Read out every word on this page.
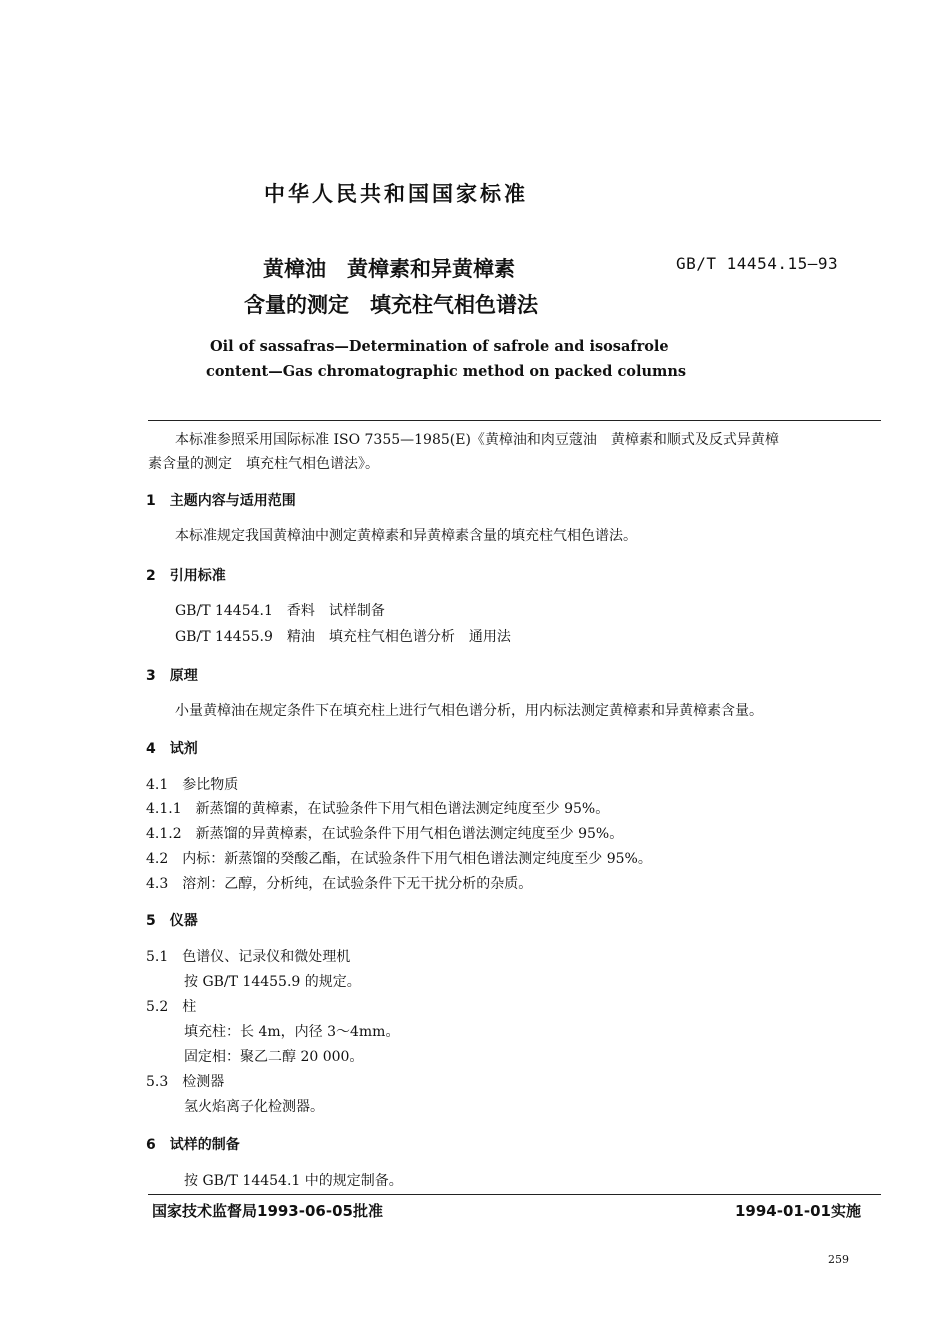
中华人民共和国国家标准
黄樟油　黄樟素和异黄樟素
含量的测定　填充柱气相色谱法
GB/T 14454.15—93
Oil of sassafras—Determination of safrole and isosafrole
content—Gas chromatographic method on packed columns
本标准参照采用国际标准 ISO 7355—1985(E)《黄樟油和肉豆蔻油　黄樟素和顺式及反式异黄樟
素含量的测定　填充柱气相色谱法》。
1　主题内容与适用范围
本标准规定我国黄樟油中测定黄樟素和异黄樟素含量的填充柱气相色谱法。
2　引用标准
GB/T 14454.1　香料　试样制备
GB/T 14455.9　精油　填充柱气相色谱分析　通用法
3　原理
小量黄樟油在规定条件下在填充柱上进行气相色谱分析，用内标法测定黄樟素和异黄樟素含量。
4　试剂
4.1　参比物质
4.1.1　新蒸馏的黄樟素，在试验条件下用气相色谱法测定纯度至少 95%。
4.1.2　新蒸馏的异黄樟素，在试验条件下用气相色谱法测定纯度至少 95%。
4.2　内标：新蒸馏的癸酸乙酯，在试验条件下用气相色谱法测定纯度至少 95%。
4.3　溶剂：乙醇，分析纯，在试验条件下无干扰分析的杂质。
5　仪器
5.1　色谱仪、记录仪和微处理机
按 GB/T 14455.9 的规定。
5.2　柱
填充柱：长 4m，内径 3～4mm。
固定相：聚乙二醇 20 000。
5.3　检测器
氢火焰离子化检测器。
6　试样的制备
按 GB/T 14454.1 中的规定制备。
国家技术监督局1993-06-05批准	1994-01-01实施
259
